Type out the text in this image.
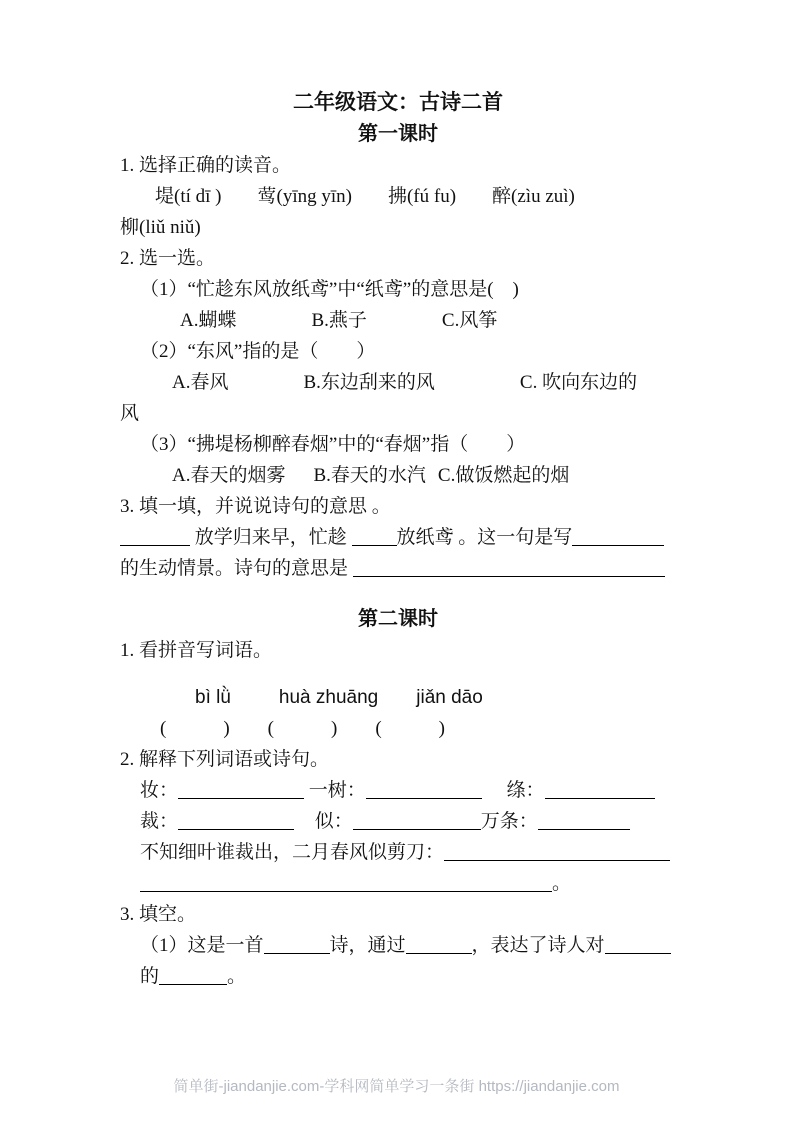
二年级语文：古诗二首

第一课时

1. 选择正确的读音。

堤(tí dī ) 莺(yīng yīn) 拂(fú fu) 醉(zìu zuì)柳(liǔ niǔ)

2. 选一选。

（1）“忙趁东风放纸鸢”中“纸鸢”的意思是(　)

A.蝴蝶	B.燕子	C.风筝

（2）“东风”指的是（　　）

A.春风	B.东边刮来的风	C. 吹向东边的风

（3）“拂堤杨柳醉春烟”中的“春烟”指（　　）

A.春天的烟雾 B.春天的水汽 C.做饭燃起的烟

3. 填一填，并说说诗句的意思 。

放学归来早，忙趁	放纸鸢 。这一句是写

的生动情景。诗句的意思是

第二课时

1. 看拼音写词语。

bì lǜ	huà zhuāng jiǎn dāo

(　　　) (　　　) (　　　)

2. 解释下列词语或诗句。

妆：	一树：	绦：

裁：	似：	万条：

不知细叶谁裁出，二月春风似剪刀：

。

3. 填空。

（1）这是一首	诗，通过	，表达了诗人对

的	。

简单街-jiandanjie.com-学科网简单学习一条街 https://jiandanjie.com
